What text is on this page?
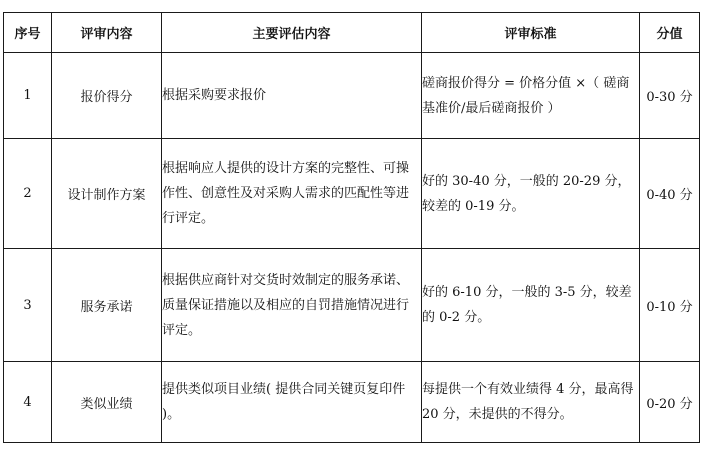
序号	评审内容	主要评估内容	评审标准	分值
1	报价得分	根据采购要求报价	磋商报价得分 = 价格分值 ×（ 磋商基准价/最后磋商报价 ）	0-30 分
2	设计制作方案	根据响应人提供的设计方案的完整性、可操作性、创意性及对采购人需求的匹配性等进行评定。	好的 30-40 分，一般的 20-29 分，较差的 0-19 分。	0-40 分
3	服务承诺	根据供应商针对交货时效制定的服务承诺、质量保证措施以及相应的自罚措施情况进行评定。	好的 6-10 分，一般的 3-5 分，较差的 0-2 分。	0-10 分
4	类似业绩	提供类似项目业绩( 提供合同关键页复印件 )。	每提供一个有效业绩得 4 分，最高得 20 分，未提供的不得分。	0-20 分
